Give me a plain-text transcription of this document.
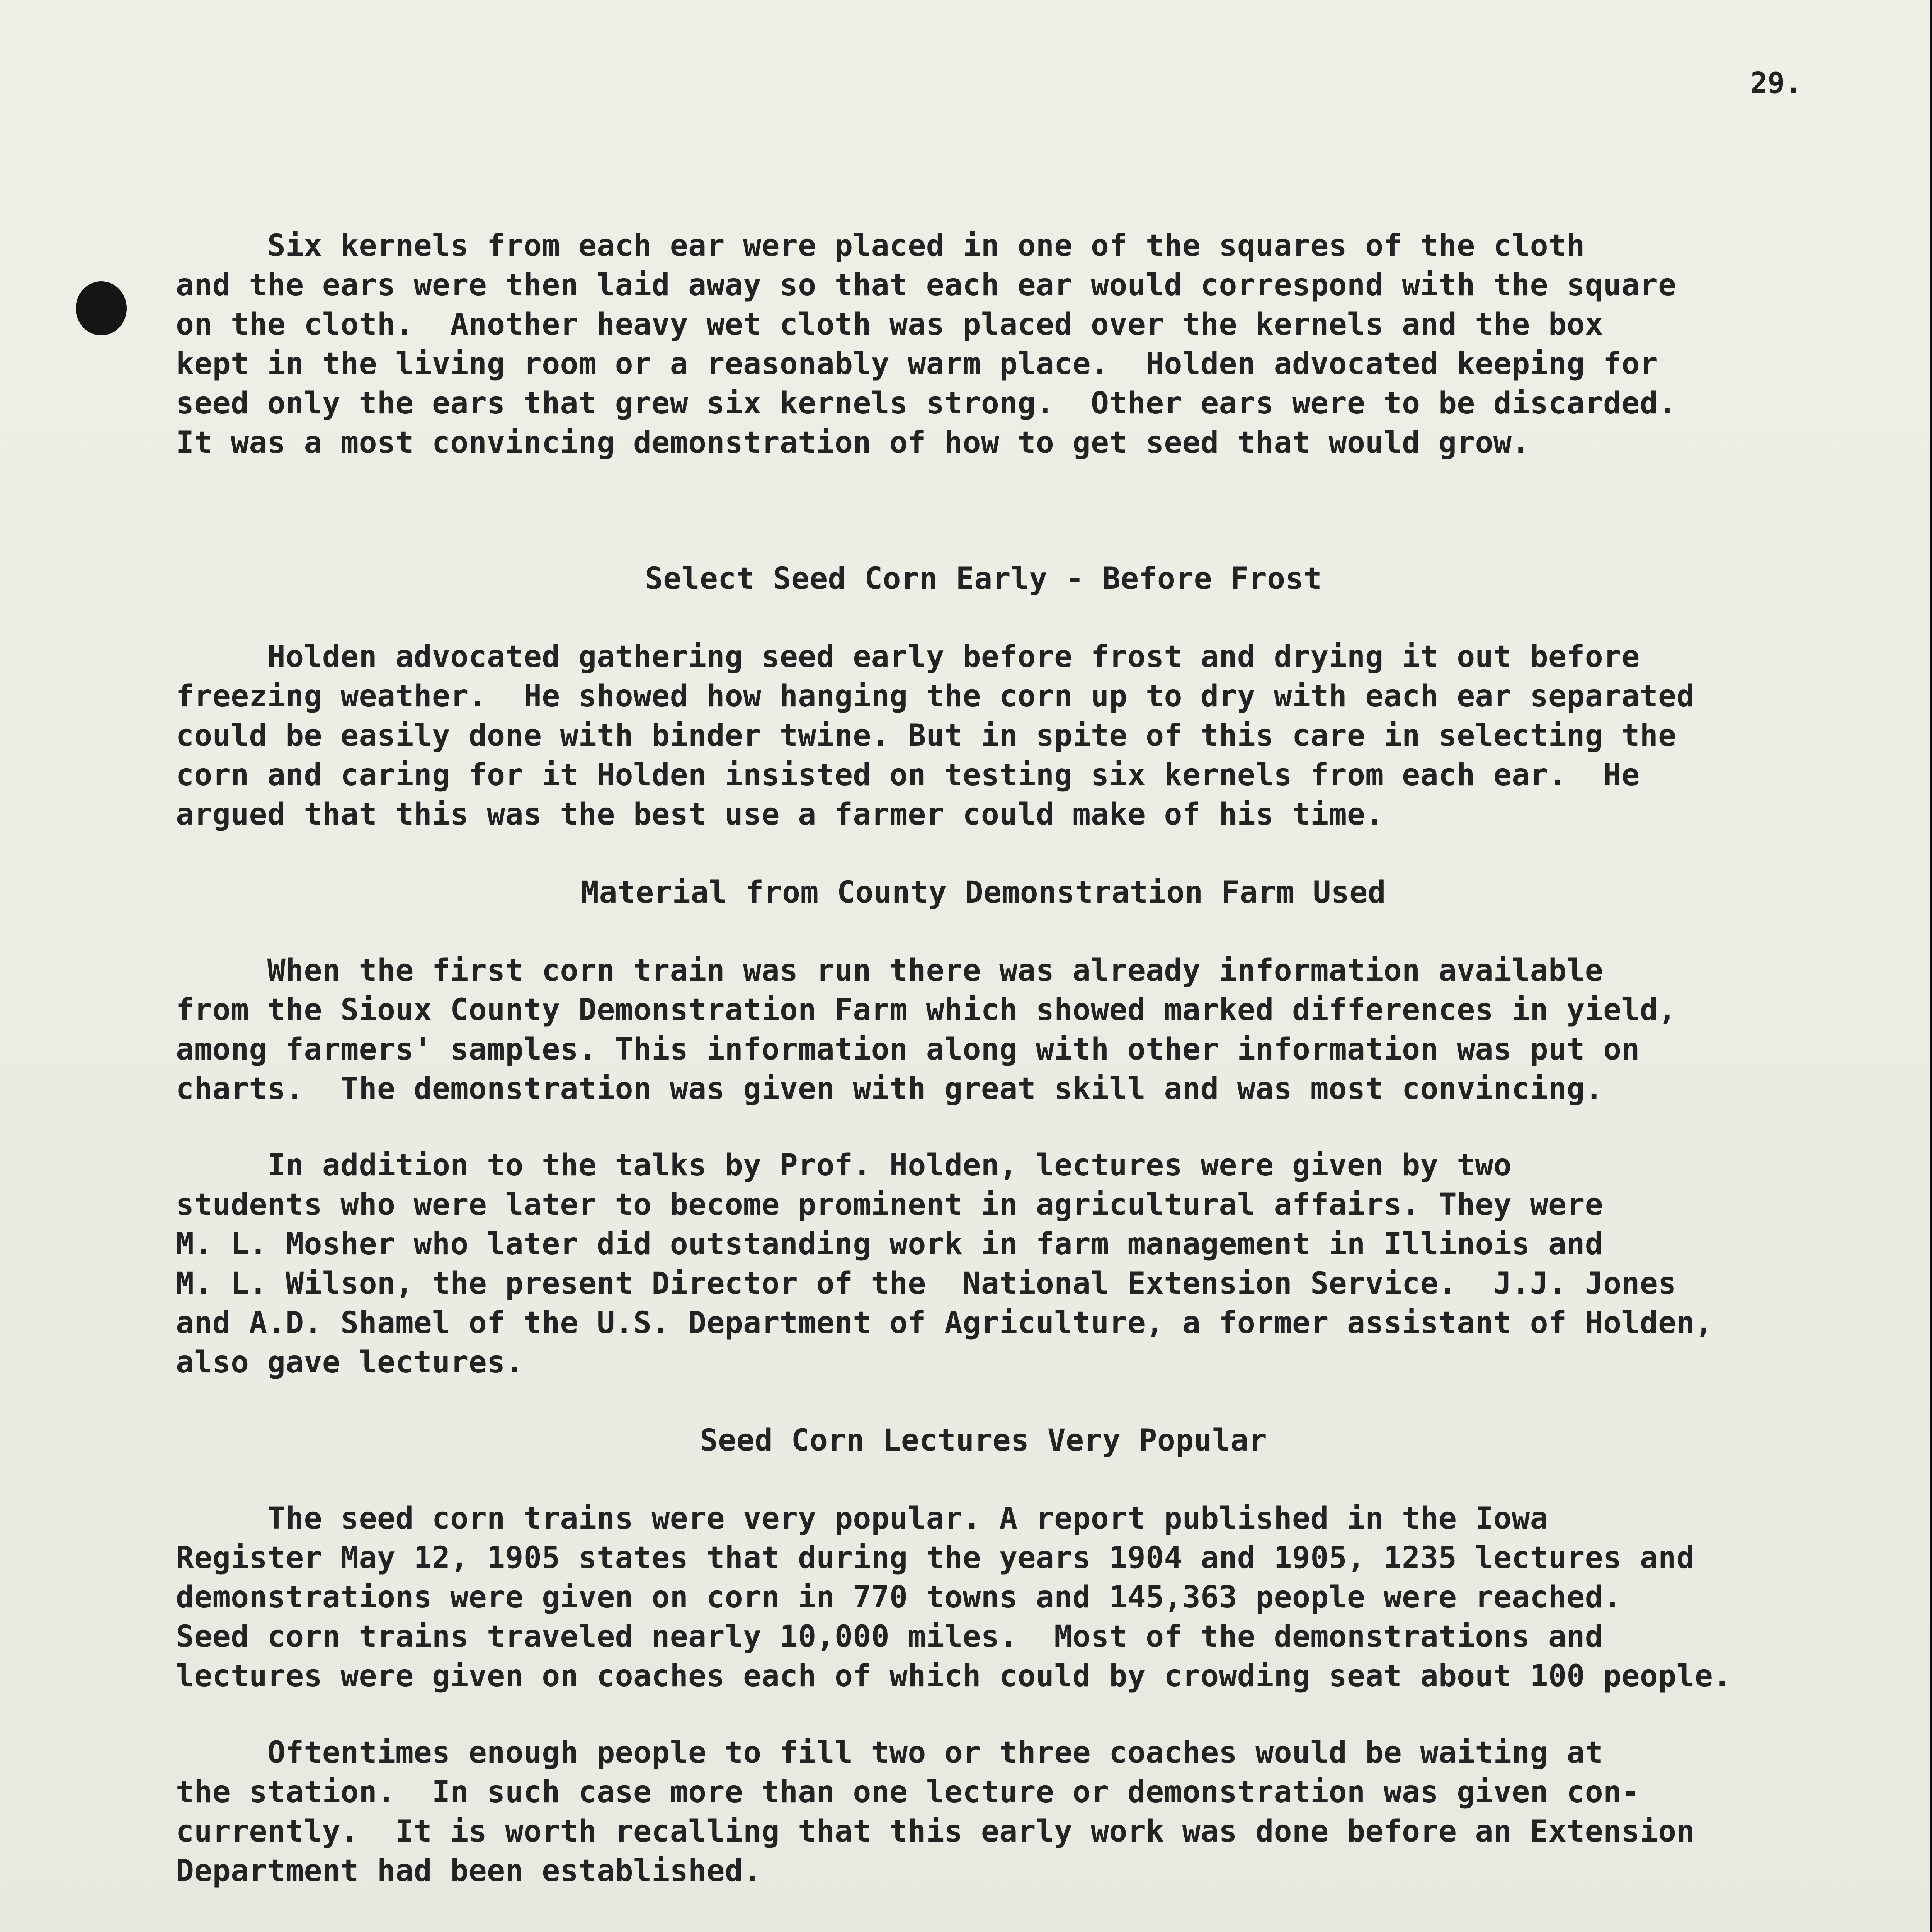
29.

Six kernels from each ear were placed in one of the squares of the cloth
and the ears were then laid away so that each ear would correspond with the square
on the cloth.  Another heavy wet cloth was placed over the kernels and the box
kept in the living room or a reasonably warm place.  Holden advocated keeping for
seed only the ears that grew six kernels strong.  Other ears were to be discarded.
It was a most convincing demonstration of how to get seed that would grow.

Select Seed Corn Early - Before Frost

Holden advocated gathering seed early before frost and drying it out before
freezing weather.  He showed how hanging the corn up to dry with each ear separated
could be easily done with binder twine. But in spite of this care in selecting the
corn and caring for it Holden insisted on testing six kernels from each ear.  He
argued that this was the best use a farmer could make of his time.

Material from County Demonstration Farm Used

When the first corn train was run there was already information available
from the Sioux County Demonstration Farm which showed marked differences in yield,
among farmers' samples. This information along with other information was put on
charts.  The demonstration was given with great skill and was most convincing.

In addition to the talks by Prof. Holden, lectures were given by two
students who were later to become prominent in agricultural affairs. They were
M. L. Mosher who later did outstanding work in farm management in Illinois and
M. L. Wilson, the present Director of the  National Extension Service.  J.J. Jones
and A.D. Shamel of the U.S. Department of Agriculture, a former assistant of Holden,
also gave lectures.

Seed Corn Lectures Very Popular

The seed corn trains were very popular. A report published in the Iowa
Register May 12, 1905 states that during the years 1904 and 1905, 1235 lectures and
demonstrations were given on corn in 770 towns and 145,363 people were reached.
Seed corn trains traveled nearly 10,000 miles.  Most of the demonstrations and
lectures were given on coaches each of which could by crowding seat about 100 people.

Oftentimes enough people to fill two or three coaches would be waiting at
the station.  In such case more than one lecture or demonstration was given con-
currently.  It is worth recalling that this early work was done before an Extension
Department had been established.
